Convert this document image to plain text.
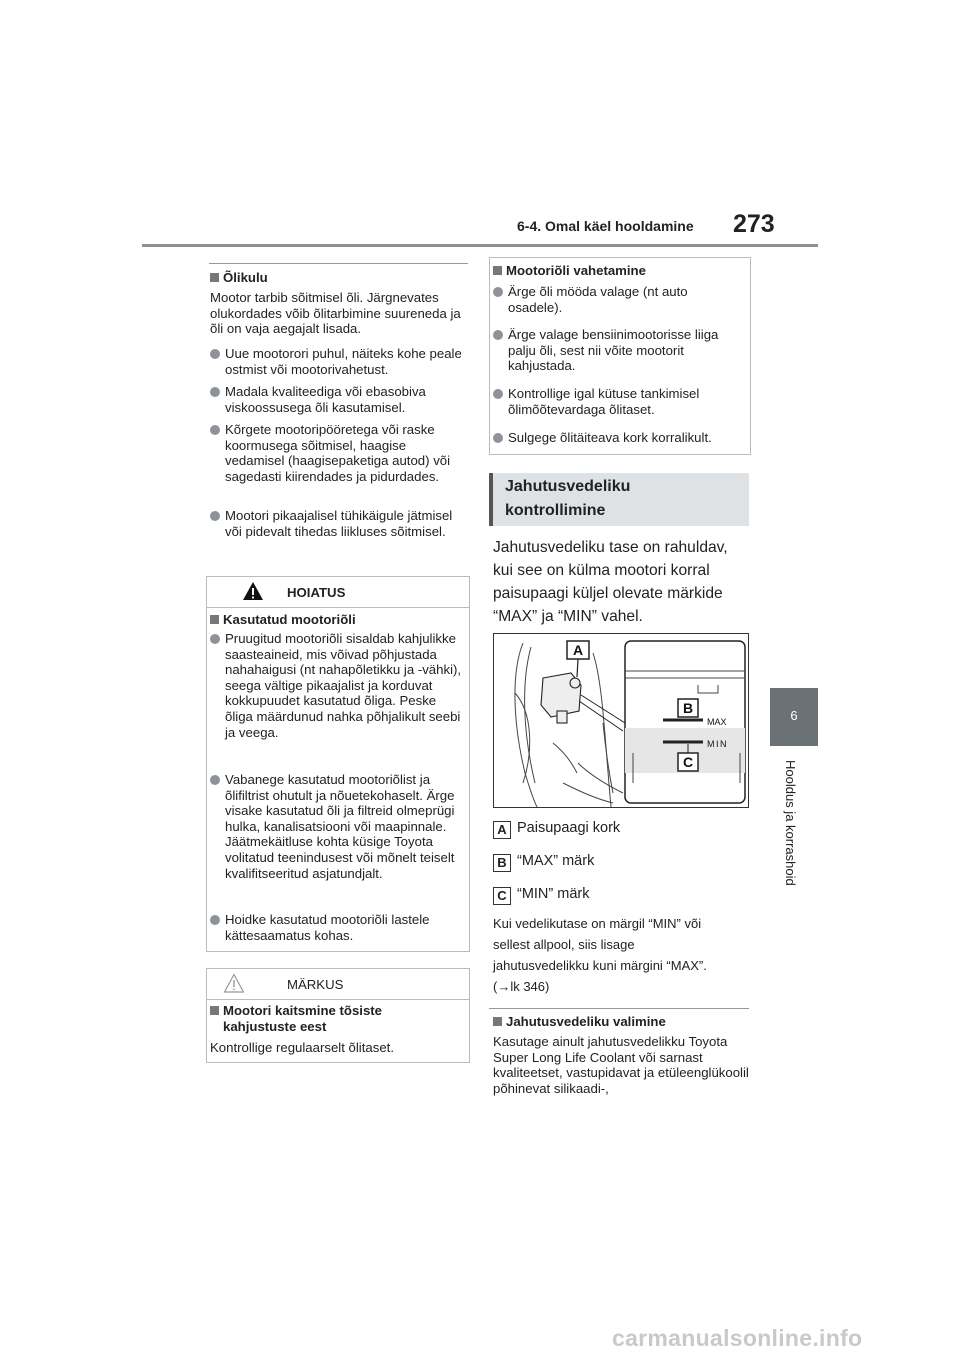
6-4. Omal käel hooldamine 273
6
Hooldus ja korrashoid
Õlikulu
Mootor tarbib sõitmisel õli. Järgnevates olukordades võib õlitarbimine suureneda ja õli on vaja aegajalt lisada.
Uue mootorori puhul, näiteks kohe peale ostmist või mootorivahetust.
Madala kvaliteediga või ebasobiva viskoossusega õli kasutamisel.
Kõrgete mootoripööretega või raske koormusega sõitmisel, haagise vedamisel (haagisepaketiga autod) või sagedasti kiirendades ja pidurdades.
Mootori pikaajalisel tühikäigule jätmisel või pidevalt tihedas liikluses sõitmisel.
HOIATUS
Kasutatud mootoriõli
Pruugitud mootoriõli sisaldab kahjulikke saasteaineid, mis võivad põhjustada nahahaigusi (nt nahapõletikku ja -vähki), seega vältige pikaajalist ja korduvat kokkupuudet kasutatud õliga. Peske õliga määrdunud nahka põhjalikult seebi ja veega.
Vabanege kasutatud mootoriõlist ja õlifiltrist ohutult ja nõuetekohaselt. Ärge visake kasutatud õli ja filtreid olmeprügi hulka, kanalisatsiooni või maapinnale. Jäätmekäitluse kohta küsige Toyota volitatud teenindusest või mõnelt teiselt kvalifitseeritud asjatundjalt.
Hoidke kasutatud mootoriõli lastele kättesaamatus kohas.
MÄRKUS
Mootori kaitsmine tõsiste kahjustuste eest
Kontrollige regulaarselt õlitaset.
Mootoriõli vahetamine
Ärge õli mööda valage (nt auto osadele).
Ärge valage bensiinimootorisse liiga palju õli, sest nii võite mootorit kahjustada.
Kontrollige igal kütuse tankimisel õlimõõtevardaga õlitaset.
Sulgege õlitäiteava kork korralikult.
Jahutusvedeliku
kontrollimine
Jahutusvedeliku tase on rahuldav,
kui see on külma mootori korral
paisupaagi küljel olevate märkide
“MAX” ja “MIN” vahel.
A
MAX
MIN
B
C
A Paisupaagi kork
B “MAX” märk
C “MIN” märk
Kui vedelikutase on märgil “MIN” või
sellest allpool, siis lisage
jahutusvedelikku kuni märgini “MAX”.
(→lk 346)
Jahutusvedeliku valimine
Kasutage ainult jahutusvedelikku Toyota Super Long Life Coolant või sarnast kvaliteetset, vastupidavat ja etüleenglükoolil põhinevat silikaadi-,
carmanualsonline.info
